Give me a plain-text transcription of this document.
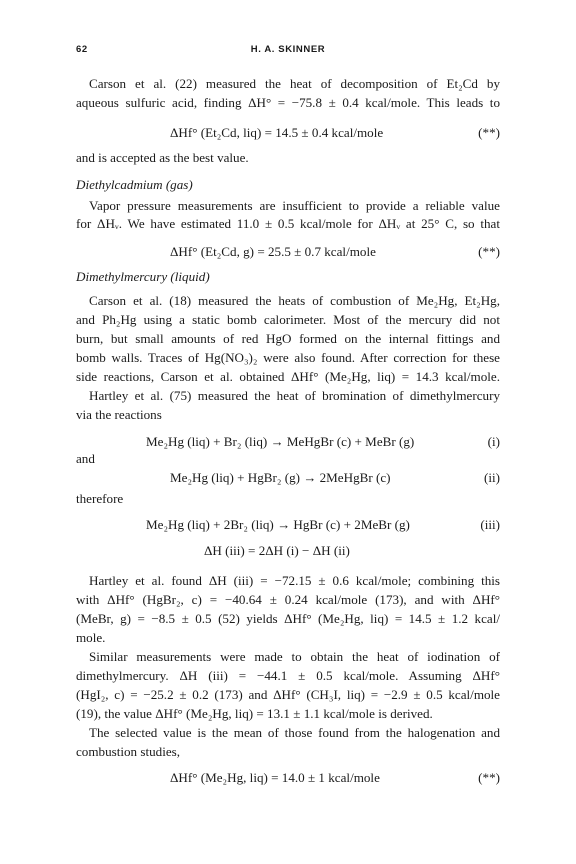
62	H. A. SKINNER
Carson et al. (22) measured the heat of decomposition of Et₂Cd by
aqueous sulfuric acid, finding ΔH° = −75.8 ± 0.4 kcal/mole. This leads to
ΔHf° (Et₂Cd, liq) = 14.5 ± 0.4 kcal/mole	(**)
and is accepted as the best value.
Diethylcadmium (gas)
Vapor pressure measurements are insufficient to provide a reliable value
for ΔHᵥ. We have estimated 11.0 ± 0.5 kcal/mole for ΔHᵥ at 25° C, so that
ΔHf° (Et₂Cd, g) = 25.5 ± 0.7 kcal/mole	(**)
Dimethylmercury (liquid)
Carson et al. (18) measured the heats of combustion of Me₂Hg, Et₂Hg,
and Ph₂Hg using a static bomb calorimeter. Most of the mercury did not
burn, but small amounts of red HgO formed on the internal fittings and
bomb walls. Traces of Hg(NO₃)₂ were also found. After correction for these
side reactions, Carson et al. obtained ΔHf° (Me₂Hg, liq) = 14.3 kcal/mole.
Hartley et al. (75) measured the heat of bromination of dimethylmercury
via the reactions
Me₂Hg (liq) + Br₂ (liq) → MeHgBr (c) + MeBr (g)	(i)
and
Me₂Hg (liq) + HgBr₂ (g) → 2MeHgBr (c)	(ii)
therefore
Me₂Hg (liq) + 2Br₂ (liq) → HgBr (c) + 2MeBr (g)	(iii)
ΔH (iii) = 2ΔH (i) − ΔH (ii)
Hartley et al. found ΔH (iii) = −72.15 ± 0.6 kcal/mole; combining this
with ΔHf° (HgBr₂, c) = −40.64 ± 0.24 kcal/mole (173), and with ΔHf°
(MeBr, g) = −8.5 ± 0.5 (52) yields ΔHf° (Me₂Hg, liq) = 14.5 ± 1.2 kcal/
mole.
Similar measurements were made to obtain the heat of iodination of
dimethylmercury. ΔH (iii) = −44.1 ± 0.5 kcal/mole. Assuming ΔHf°
(HgI₂, c) = −25.2 ± 0.2 (173) and ΔHf° (CH₃I, liq) = −2.9 ± 0.5 kcal/mole
(19), the value ΔHf° (Me₂Hg, liq) = 13.1 ± 1.1 kcal/mole is derived.
The selected value is the mean of those found from the halogenation and
combustion studies,
ΔHf° (Me₂Hg, liq) = 14.0 ± 1 kcal/mole	(**)
